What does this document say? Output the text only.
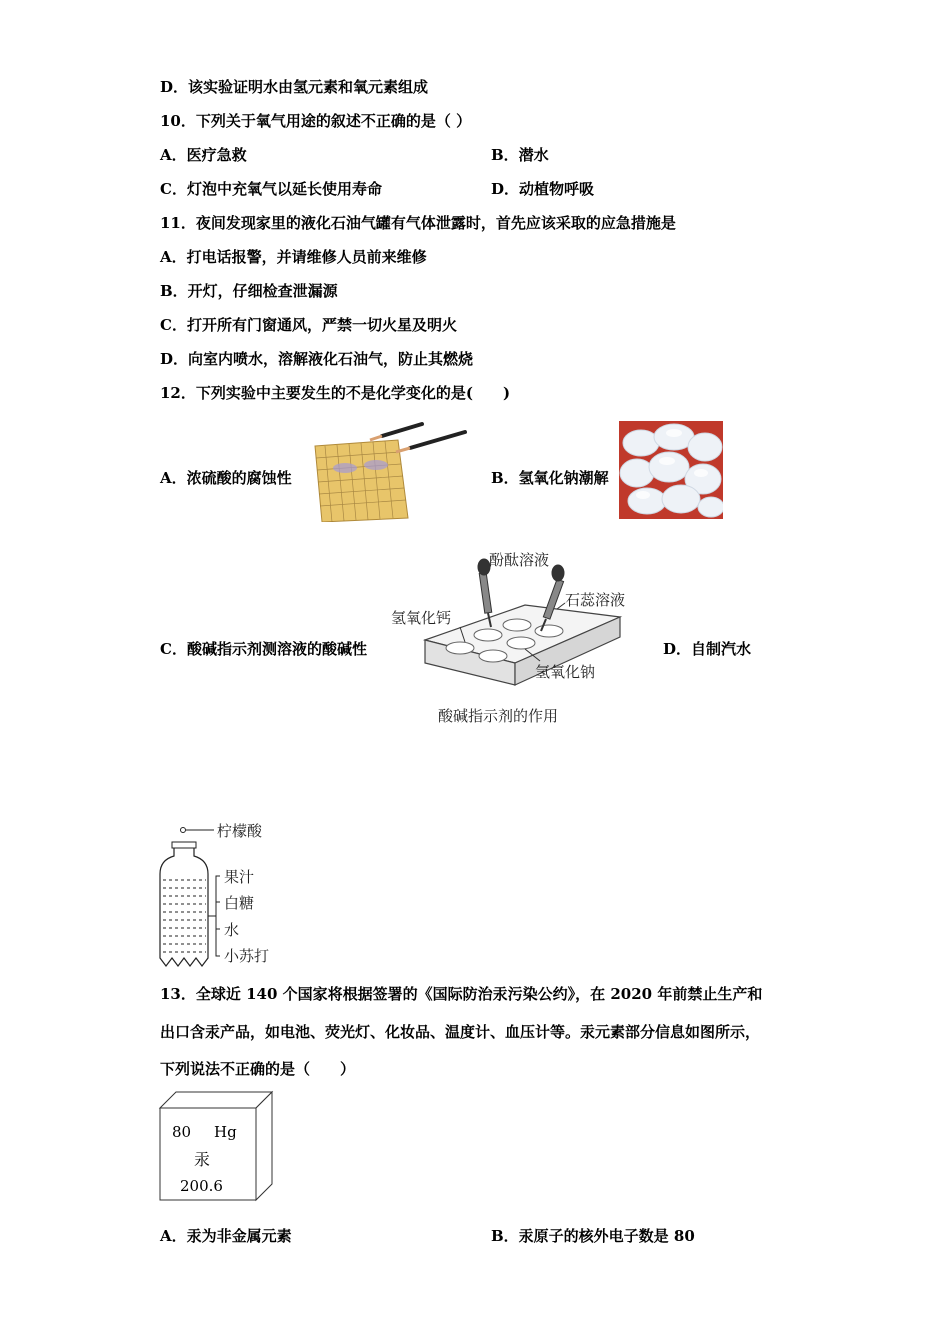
D．该实验证明水由氢元素和氧元素组成
10．下列关于氧气用途的叙述不正确的是（ ）
A．医疗急救	B．潜水
C．灯泡中充氧气以延长使用寿命	D．动植物呼吸
11．夜间发现家里的液化石油气罐有气体泄露时，首先应该采取的应急措施是
A．打电话报警，并请维修人员前来维修
B．开灯，仔细检查泄漏源
C．打开所有门窗通风，严禁一切火星及明火
D．向室内喷水，溶解液化石油气，防止其燃烧
12．下列实验中主要发生的不是化学变化的是(　　)
A．浓硫酸的腐蚀性	B．氢氧化钠潮解
C．酸碱指示剂测溶液的酸碱性
酚酞溶液
石蕊溶液
氢氧化钙
氢氧化钠
酸碱指示剂的作用
D．自制汽水
柠檬酸
果汁
白糖
水
小苏打
13．全球近 140 个国家将根据签署的《国际防治汞污染公约》，在 2020 年前禁止生产和
出口含汞产品，如电池、荧光灯、化妆品、温度计、血压计等。汞元素部分信息如图所示，
下列说法不正确的是（　　）
80 Hg
汞
200.6
A．汞为非金属元素	B．汞原子的核外电子数是 80
